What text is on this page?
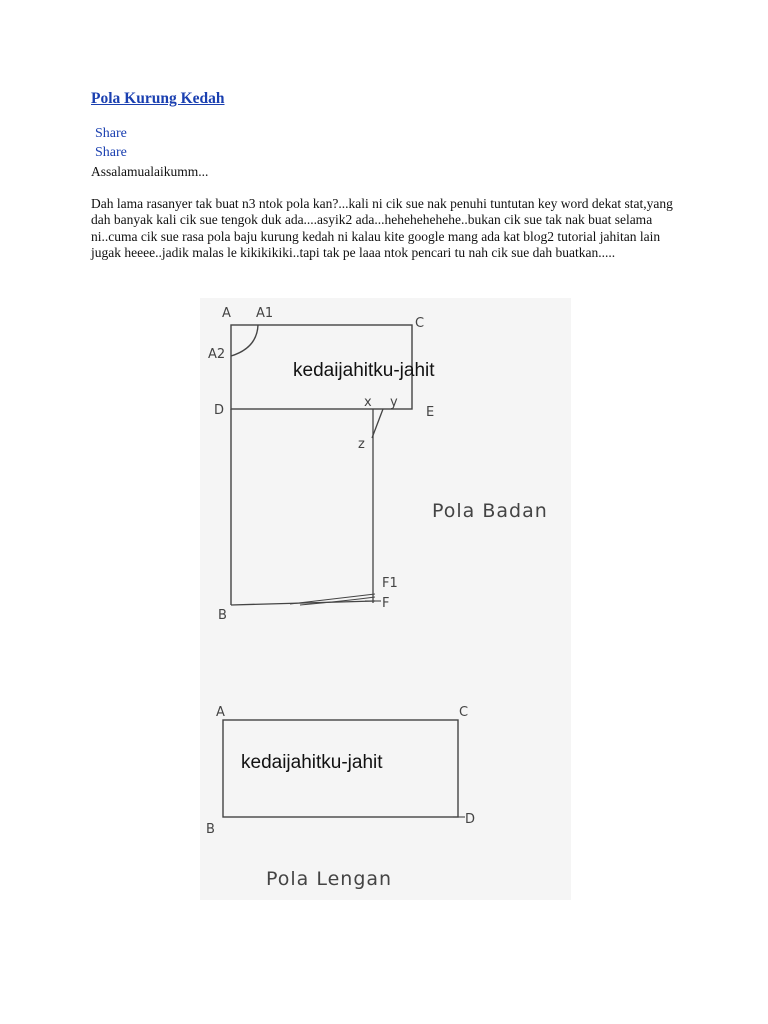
Pola Kurung Kedah
Share
Share
Assalamualaikumm...
Dah lama rasanyer tak buat n3 ntok pola kan?...kali ni cik sue nak penuhi tuntutan key word dekat stat,yang dah banyak kali cik sue tengok duk ada....asyik2 ada...hehehehehehe..bukan cik sue tak nak buat selama ni..cuma cik sue rasa pola baju kurung kedah ni kalau kite google mang ada kat blog2 tutorial jahitan lain jugak heeee..jadik malas le kikikikiki..tapi tak pe laaa ntok pencari tu nah cik sue dah buatkan.....
A A1
A2
C
D	E
x y
z
F1
F
B
kedaijahitku-jahit
Pola Badan
A	C
B
D
kedaijahitku-jahit
Pola Lengan
